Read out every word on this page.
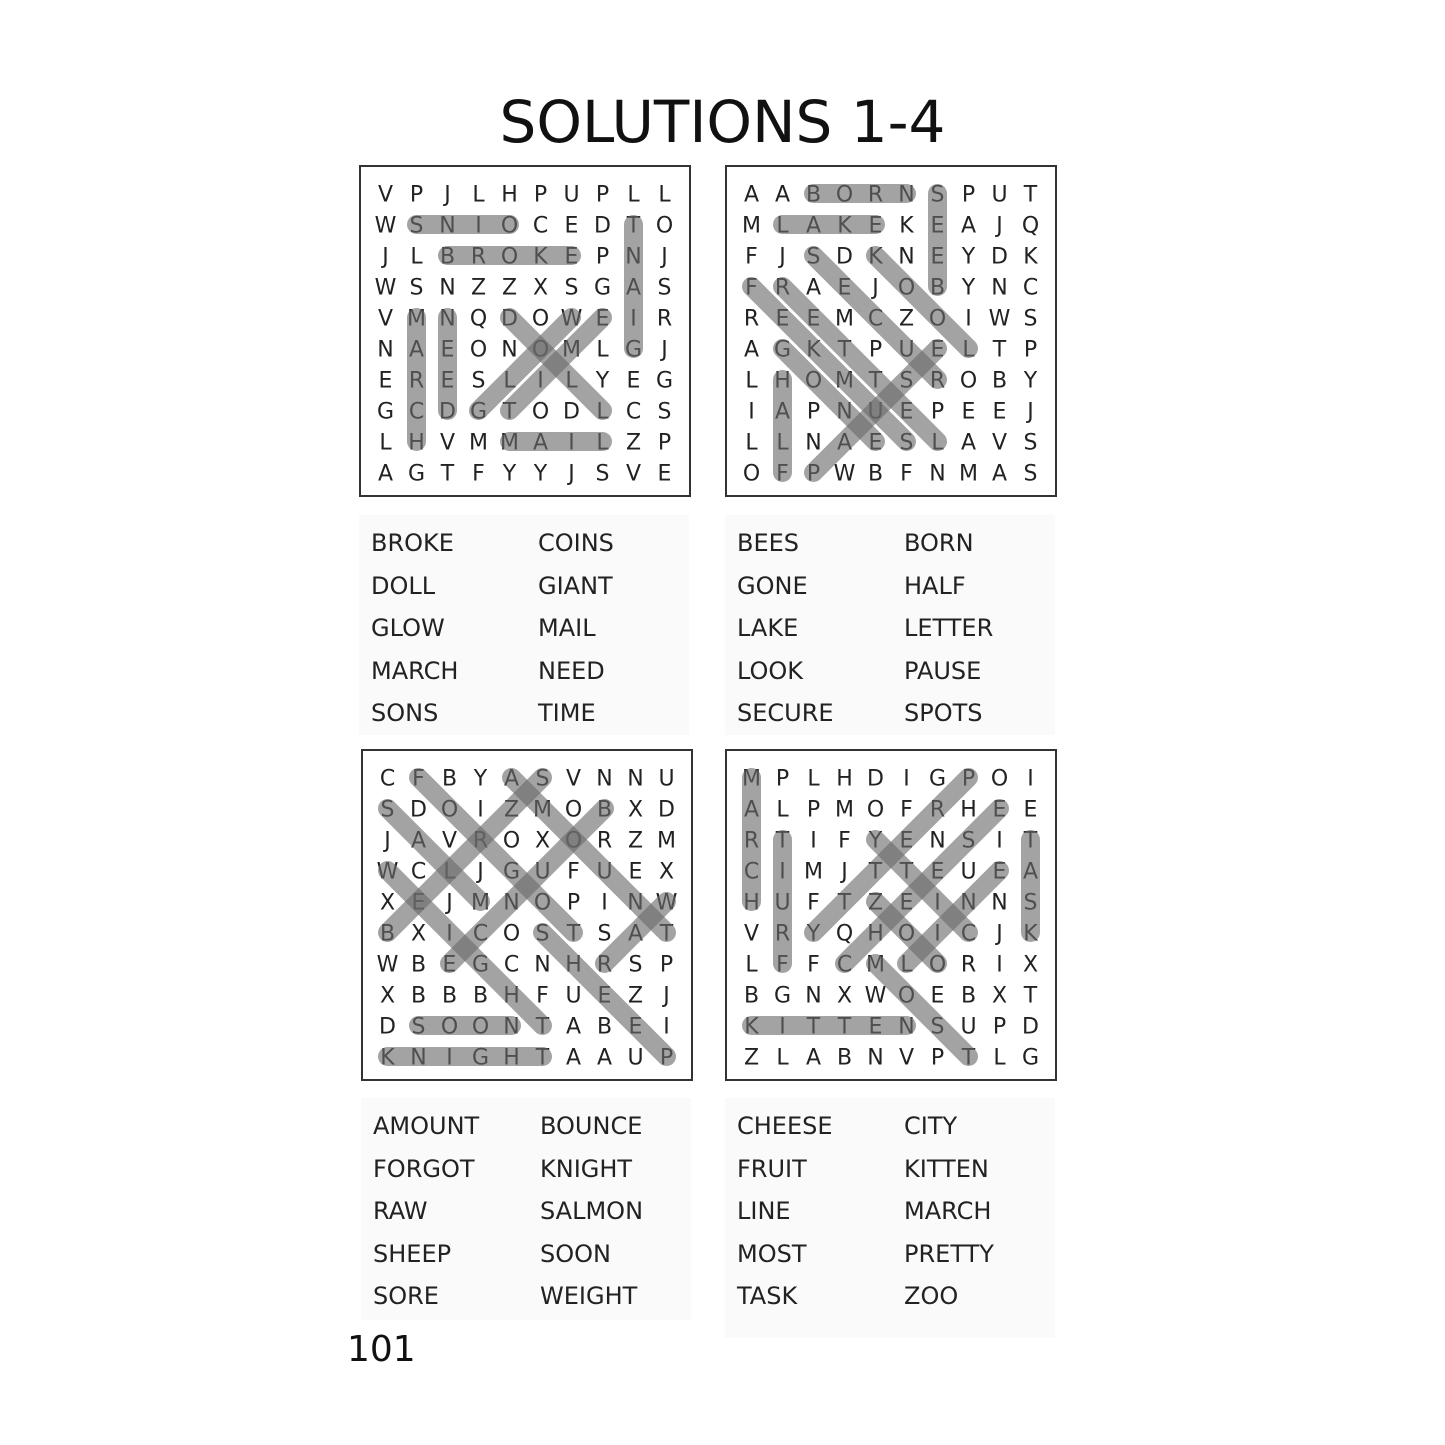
SOLUTIONS 1-4
V P J L H P U P L L
W S N I O C E D T O
J L B R O K E P N J
W S N Z Z X S G A S
V M N Q D O W E I R
N A E O N O M L G J
E R E S L I L Y E G
G C D G T O D L C S
L H V M M A I L Z P
A G T F Y Y J S V E
A A B O R N S P U T
M L A K E K E A J Q
F J S D K N E Y D K
F R A E J O B Y N C
R E E M C Z O I W S
A G K T P U E L T P
L H O M T S R O B Y
I A P N U E P E E J
L L N A E S L A V S
O F P W B F N M A S
C F B Y A S V N N U
S D O I Z M O B X D
J A V R O X O R Z M
W C L J G U F U E X
X E J M N O P I N W
B X I C O S T S A T
W B E G C N H R S P
X B B B H F U E Z J
D S O O N T A B E I
K N I G H T A A U P
M P L H D I G P O I
A L P M O F R H E E
R T I F Y E N S I T
C I M J T T E U E A
H U F T Z E I N N S
V R Y Q H O I C J K
L F F C M L O R I X
B G N X W O E B X T
K I T T E N S U P D
Z L A B N V P T L G
BROKE	COINS
DOLL	GIANT
GLOW	MAIL
MARCH	NEED
SONS	TIME
BEES	BORN
GONE	HALF
LAKE	LETTER
LOOK	PAUSE
SECURE	SPOTS
AMOUNT	BOUNCE
FORGOT	KNIGHT
RAW	SALMON
SHEEP	SOON
SORE	WEIGHT
CHEESE	CITY
FRUIT	KITTEN
LINE	MARCH
MOST	PRETTY
TASK	ZOO
101
